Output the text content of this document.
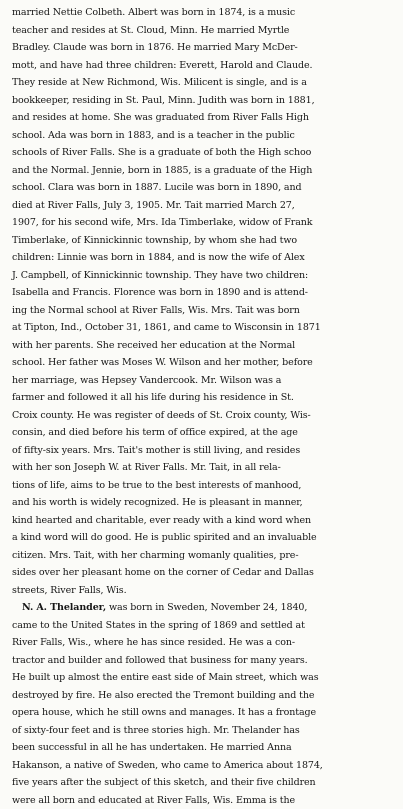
married Nettie Colbeth. Albert was born in 1874, is a music
teacher and resides at St. Cloud, Minn. He married Myrtle
Bradley. Claude was born in 1876. He married Mary McDer-
mott, and have had three children: Everett, Harold and Claude.
They reside at New Richmond, Wis. Milicent is single, and is a
bookkeeper, residing in St. Paul, Minn. Judith was born in 1881,
and resides at home. She was graduated from River Falls High
school. Ada was born in 1883, and is a teacher in the public
schools of River Falls. She is a graduate of both the High schoo
and the Normal. Jennie, born in 1885, is a graduate of the High
school. Clara was born in 1887. Lucile was born in 1890, and
died at River Falls, July 3, 1905. Mr. Tait married March 27,
1907, for his second wife, Mrs. Ida Timberlake, widow of Frank
Timberlake, of Kinnickinnic township, by whom she had two
children: Linnie was born in 1884, and is now the wife of Alex
J. Campbell, of Kinnickinnic township. They have two children:
Isabella and Francis. Florence was born in 1890 and is attend-
ing the Normal school at River Falls, Wis. Mrs. Tait was born
at Tipton, Ind., October 31, 1861, and came to Wisconsin in 1871
with her parents. She received her education at the Normal
school. Her father was Moses W. Wilson and her mother, before
her marriage, was Hepsey Vandercook. Mr. Wilson was a
farmer and followed it all his life during his residence in St.
Croix county. He was register of deeds of St. Croix county, Wis-
consin, and died before his term of office expired, at the age
of fifty-six years. Mrs. Tait's mother is still living, and resides
with her son Joseph W. at River Falls. Mr. Tait, in all rela-
tions of life, aims to be true to the best interests of manhood,
and his worth is widely recognized. He is pleasant in manner,
kind hearted and charitable, ever ready with a kind word when
a kind word will do good. He is public spirited and an invaluable
citizen. Mrs. Tait, with her charming womanly qualities, pre-
sides over her pleasant home on the corner of Cedar and Dallas
streets, River Falls, Wis.
N. A. Thelander, was born in Sweden, November 24, 1840,
came to the United States in the spring of 1869 and settled at
River Falls, Wis., where he has since resided. He was a con-
tractor and builder and followed that business for many years.
He built up almost the entire east side of Main street, which was
destroyed by fire. He also erected the Tremont building and the
opera house, which he still owns and manages. It has a frontage
of sixty-four feet and is three stories high. Mr. Thelander has
been successful in all he has undertaken. He married Anna
Hakanson, a native of Sweden, who came to America about 1874,
five years after the subject of this sketch, and their five children
were all born and educated at River Falls, Wis. Emma is the
